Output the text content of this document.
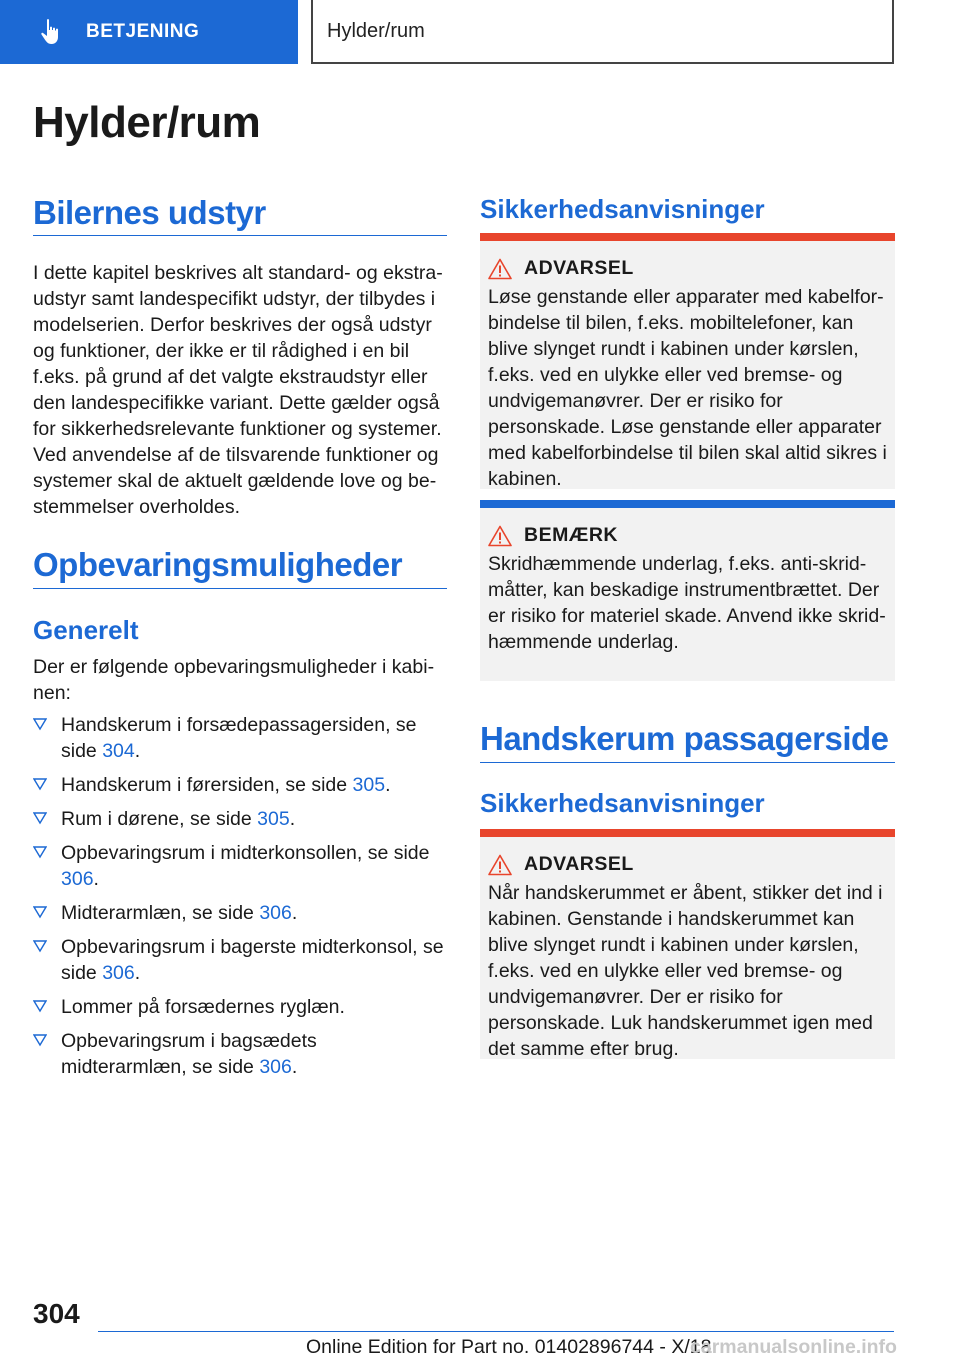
BETJENING	Hylder/rum
Hylder/rum
Bilernes udstyr
I dette kapitel beskrives alt standard- og ekstraudstyr samt landespecifikt udstyr, der tilbydes i modelserien. Derfor beskrives der også udstyr og funktioner, der ikke er til rådighed i en bil f.eks. på grund af det valgte ekstraudstyr eller den landespecifikke variant. Dette gælder også for sikkerhedsrelevante funktioner og systemer. Ved anvendelse af de tilsvarende funktioner og systemer skal de aktuelt gældende love og bestemmelser overholdes.
Opbevaringsmuligheder
Generelt
Der er følgende opbevaringsmuligheder i kabinen:
Handskerum i forsædepassagersiden, se side 304.
Handskerum i førersiden, se side 305.
Rum i dørene, se side 305.
Opbevaringsrum i midterkonsollen, se side 306.
Midterarmlæn, se side 306.
Opbevaringsrum i bagerste midterkonsol, se side 306.
Lommer på forsædernes ryglæn.
Opbevaringsrum i bagsædets midterarmlæn, se side 306.
Sikkerhedsanvisninger
ADVARSEL
Løse genstande eller apparater med kabelforbindelse til bilen, f.eks. mobiltelefoner, kan blive slynget rundt i kabinen under kørslen, f.eks. ved en ulykke eller ved bremse- og undvigemanøvrer. Der er risiko for personskade. Løse genstande eller apparater med kabelforbindelse til bilen skal altid sikres i kabinen.
BEMÆRK
Skridhæmmende underlag, f.eks. anti-skridmåtter, kan beskadige instrumentbrættet. Der er risiko for materiel skade. Anvend ikke skridhæmmende underlag.
Handskerum passagerside
Sikkerhedsanvisninger
ADVARSEL
Når handskerummet er åbent, stikker det ind i kabinen. Genstande i handskerummet kan blive slynget rundt i kabinen under kørslen, f.eks. ved en ulykke eller ved bremse- og undvigemanøvrer. Der er risiko for personskade. Luk handskerummet igen med det samme efter brug.
304
Online Edition for Part no. 01402896744 - X/18
carmanualsonline.info
